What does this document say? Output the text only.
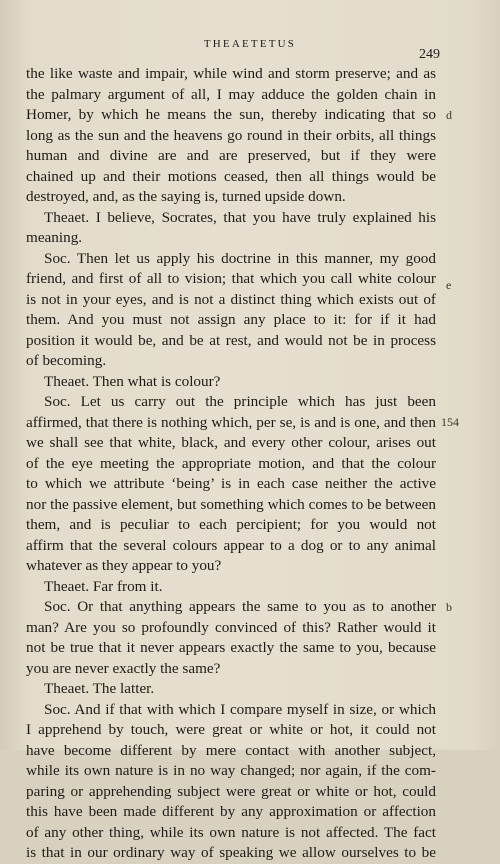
THEAETETUS
249
d
e
154
b
the like waste and impair, while wind and storm preserve; and as
the palmary argument of all, I may adduce the golden chain in
Homer, by which he means the sun, thereby indicating that so
long as the sun and the heavens go round in their orbits, all things
human and divine are and are preserved, but if they were
chained up and their motions ceased, then all things would be
destroyed, and, as the saying is, turned upside down.
Theaet. I believe, Socrates, that you have truly explained his
meaning.
Soc. Then let us apply his doctrine in this manner, my good
friend, and first of all to vision; that which you call white colour
is not in your eyes, and is not a distinct thing which exists out of
them. And you must not assign any place to it: for if it had
position it would be, and be at rest, and would not be in process
of becoming.
Theaet. Then what is colour?
Soc. Let us carry out the principle which has just been
affirmed, that there is nothing which, per se, is and is one, and then
we shall see that white, black, and every other colour, arises out
of the eye meeting the appropriate motion, and that the colour
to which we attribute ‘being’ is in each case neither the active
nor the passive element, but something which comes to be between
them, and is peculiar to each percipient; for you would not
affirm that the several colours appear to a dog or to any animal
whatever as they appear to you?
Theaet. Far from it.
Soc. Or that anything appears the same to you as to another
man? Are you so profoundly convinced of this? Rather would it
not be true that it never appears exactly the same to you, because
you are never exactly the same?
Theaet. The latter.
Soc. And if that with which I compare myself in size, or which
I apprehend by touch, were great or white or hot, it could not
have become different by mere contact with another subject,
while its own nature is in no way changed; nor again, if the com-
paring or apprehending subject were great or white or hot, could
this have been made different by any approximation or affection
of any other thing, while its own nature is not affected. The fact
is that in our ordinary way of speaking we allow ourselves to be
